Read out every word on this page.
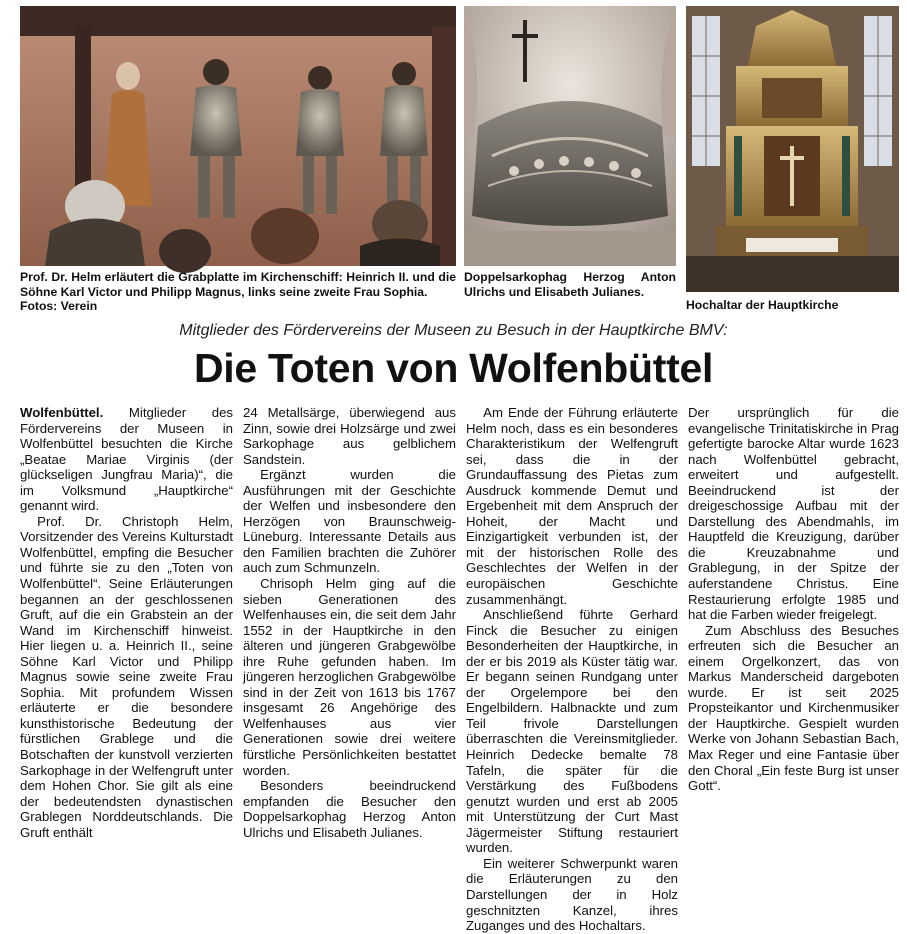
Prof. Dr. Helm erläutert die Grabplatte im Kirchenschiff: Heinrich II. und die Söhne Karl Victor und Philipp Magnus, links seine zweite Frau Sophia.
Fotos: Verein
Doppelsarkophag Herzog Anton Ulrichs und Elisabeth Julianes.
Hochaltar der Hauptkirche
Mitglieder des Fördervereins der Museen zu Besuch in der Hauptkirche BMV:
Die Toten von Wolfenbüttel

Wolfenbüttel. Mitglieder des Fördervereins der Museen in Wolfenbüttel besuchten die Kirche „Beatae Mariae Virginis (der glückseligen Jungfrau Maria)“, die im Volksmund „Hauptkirche“ genannt wird.

Prof. Dr. Christoph Helm, Vorsitzender des Vereins Kulturstadt Wolfenbüttel, empfing die Besucher und führte sie zu den „Toten von Wolfenbüttel“. Seine Erläuterungen begannen an der geschlossenen Gruft, auf die ein Grabstein an der Wand im Kirchenschiff hinweist. Hier liegen u. a. Heinrich II., seine Söhne Karl Victor und Philipp Magnus sowie seine zweite Frau Sophia. Mit profundem Wissen erläuterte er die besondere kunsthistorische Bedeutung der fürstlichen Grablege und die Botschaften der kunstvoll verzierten Sarkophage in der Welfengruft unter dem Hohen Chor. Sie gilt als eine der bedeutendsten dynastischen Grablegen Norddeutschlands. Die Gruft enthält

24 Metallsärge, überwiegend aus Zinn, sowie drei Holzsärge und zwei Sarkophage aus gelblichem Sandstein.

Ergänzt wurden die Ausführungen mit der Geschichte der Welfen und insbesondere den Herzögen von Braunschweig-Lüneburg. Interessante Details aus den Familien brachten die Zuhörer auch zum Schmunzeln.

Chrisoph Helm ging auf die sieben Generationen des Welfenhauses ein, die seit dem Jahr 1552 in der Hauptkirche in den älteren und jüngeren Grabgewölbe ihre Ruhe gefunden haben. Im jüngeren herzoglichen Grabgewölbe sind in der Zeit von 1613 bis 1767 insgesamt 26 Angehörige des Welfenhauses aus vier Generationen sowie drei weitere fürstliche Persönlichkeiten bestattet worden.

Besonders beeindruckend empfanden die Besucher den Doppelsarkophag Herzog Anton Ulrichs und Elisabeth Julianes.

Am Ende der Führung erläuterte Helm noch, dass es ein besonderes Charakteristikum der Welfengruft sei, dass die in der Grundauffassung des Pietas zum Ausdruck kommende Demut und Ergebenheit mit dem Anspruch der Hoheit, der Macht und Einzigartigkeit verbunden ist, der mit der historischen Rolle des Geschlechtes der Welfen in der europäischen Geschichte zusammenhängt.

Anschließend führte Gerhard Finck die Besucher zu einigen Besonderheiten der Hauptkirche, in der er bis 2019 als Küster tätig war. Er begann seinen Rundgang unter der Orgelempore bei den Engelbildern. Halbnackte und zum Teil frivole Darstellungen überraschten die Vereinsmitglieder. Heinrich Dedecke bemalte 78 Tafeln, die später für die Verstärkung des Fußbodens genutzt wurden und erst ab 2005 mit Unterstützung der Curt Mast Jägermeister Stiftung restauriert wurden.

Ein weiterer Schwerpunkt waren die Erläuterungen zu den Darstellungen der in Holz geschnitzten Kanzel, ihres Zuganges und des Hochaltars.

Der ursprünglich für die evangelische Trinitatiskirche in Prag gefertigte barocke Altar wurde 1623 nach Wolfenbüttel gebracht, erweitert und aufgestellt. Beeindruckend ist der dreigeschossige Aufbau mit der Darstellung des Abendmahls, im Hauptfeld die Kreuzigung, darüber die Kreuzabnahme und Grablegung, in der Spitze der auferstandene Christus. Eine Restaurierung erfolgte 1985 und hat die Farben wieder freigelegt.

Zum Abschluss des Besuches erfreuten sich die Besucher an einem Orgelkonzert, das von Markus Manderscheid dargeboten wurde. Er ist seit 2025 Propsteikantor und Kirchenmusiker der Hauptkirche. Gespielt wurden Werke von Johann Sebastian Bach, Max Reger und eine Fantasie über den Choral „Ein feste Burg ist unser Gott“.
